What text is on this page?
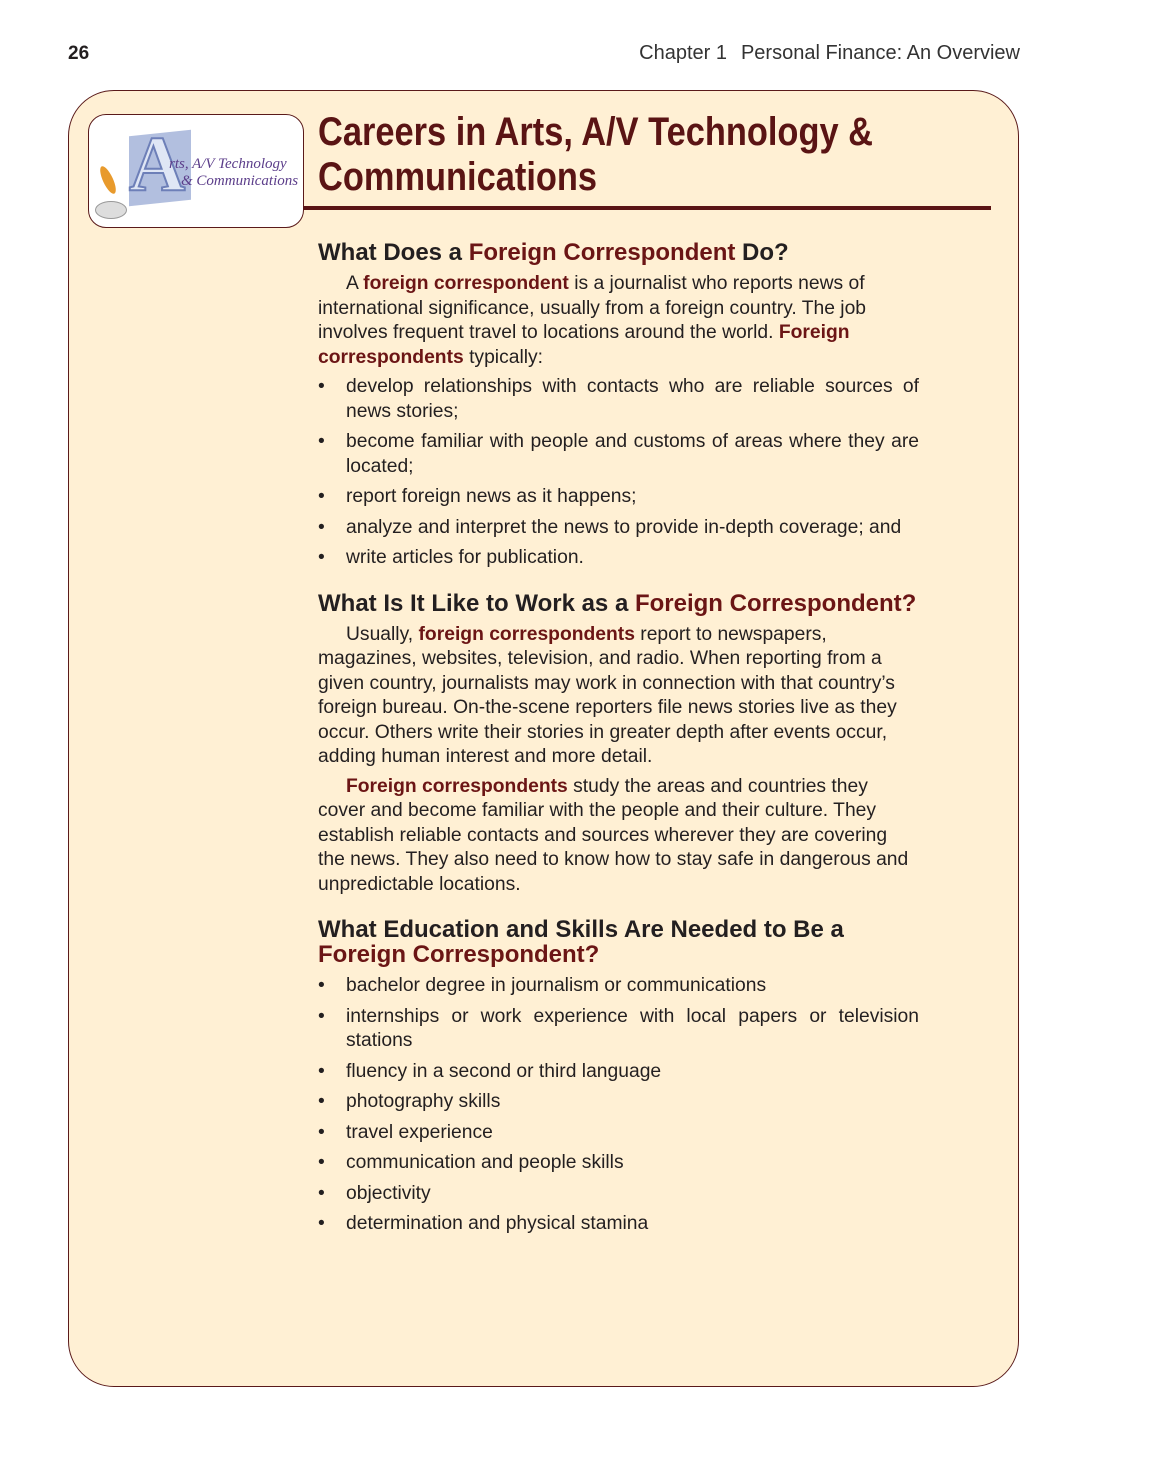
26	Chapter 1 Personal Finance: An Overview
A
rts, A/V Technology
& Communications
Careers in Arts, A/V Technology &
Communications
What Does a Foreign Correspondent Do?

A foreign correspondent is a journalist who reports news of international significance, usually from a foreign country. The job involves frequent travel to locations around the world. Foreign correspondents typically:

• develop relationships with contacts who are reliable sources of news stories;
• become familiar with people and customs of areas where they are located;
• report foreign news as it happens;
• analyze and interpret the news to provide in-depth coverage; and
• write articles for publication.
What Is It Like to Work as a Foreign Correspondent?

Usually, foreign correspondents report to newspapers, magazines, websites, television, and radio. When reporting from a given country, journalists may work in connection with that country’s foreign bureau. On-the-scene reporters file news stories live as they occur. Others write their stories in greater depth after events occur, adding human interest and more detail.

Foreign correspondents study the areas and countries they cover and become familiar with the people and their culture. They establish reliable contacts and sources wherever they are covering the news. They also need to know how to stay safe in dangerous and unpredictable locations.

What Education and Skills Are Needed to Be a Foreign Correspondent?
• bachelor degree in journalism or communications
• internships or work experience with local papers or television stations
• fluency in a second or third language
• photography skills
• travel experience
• communication and people skills
• objectivity
• determination and physical stamina
